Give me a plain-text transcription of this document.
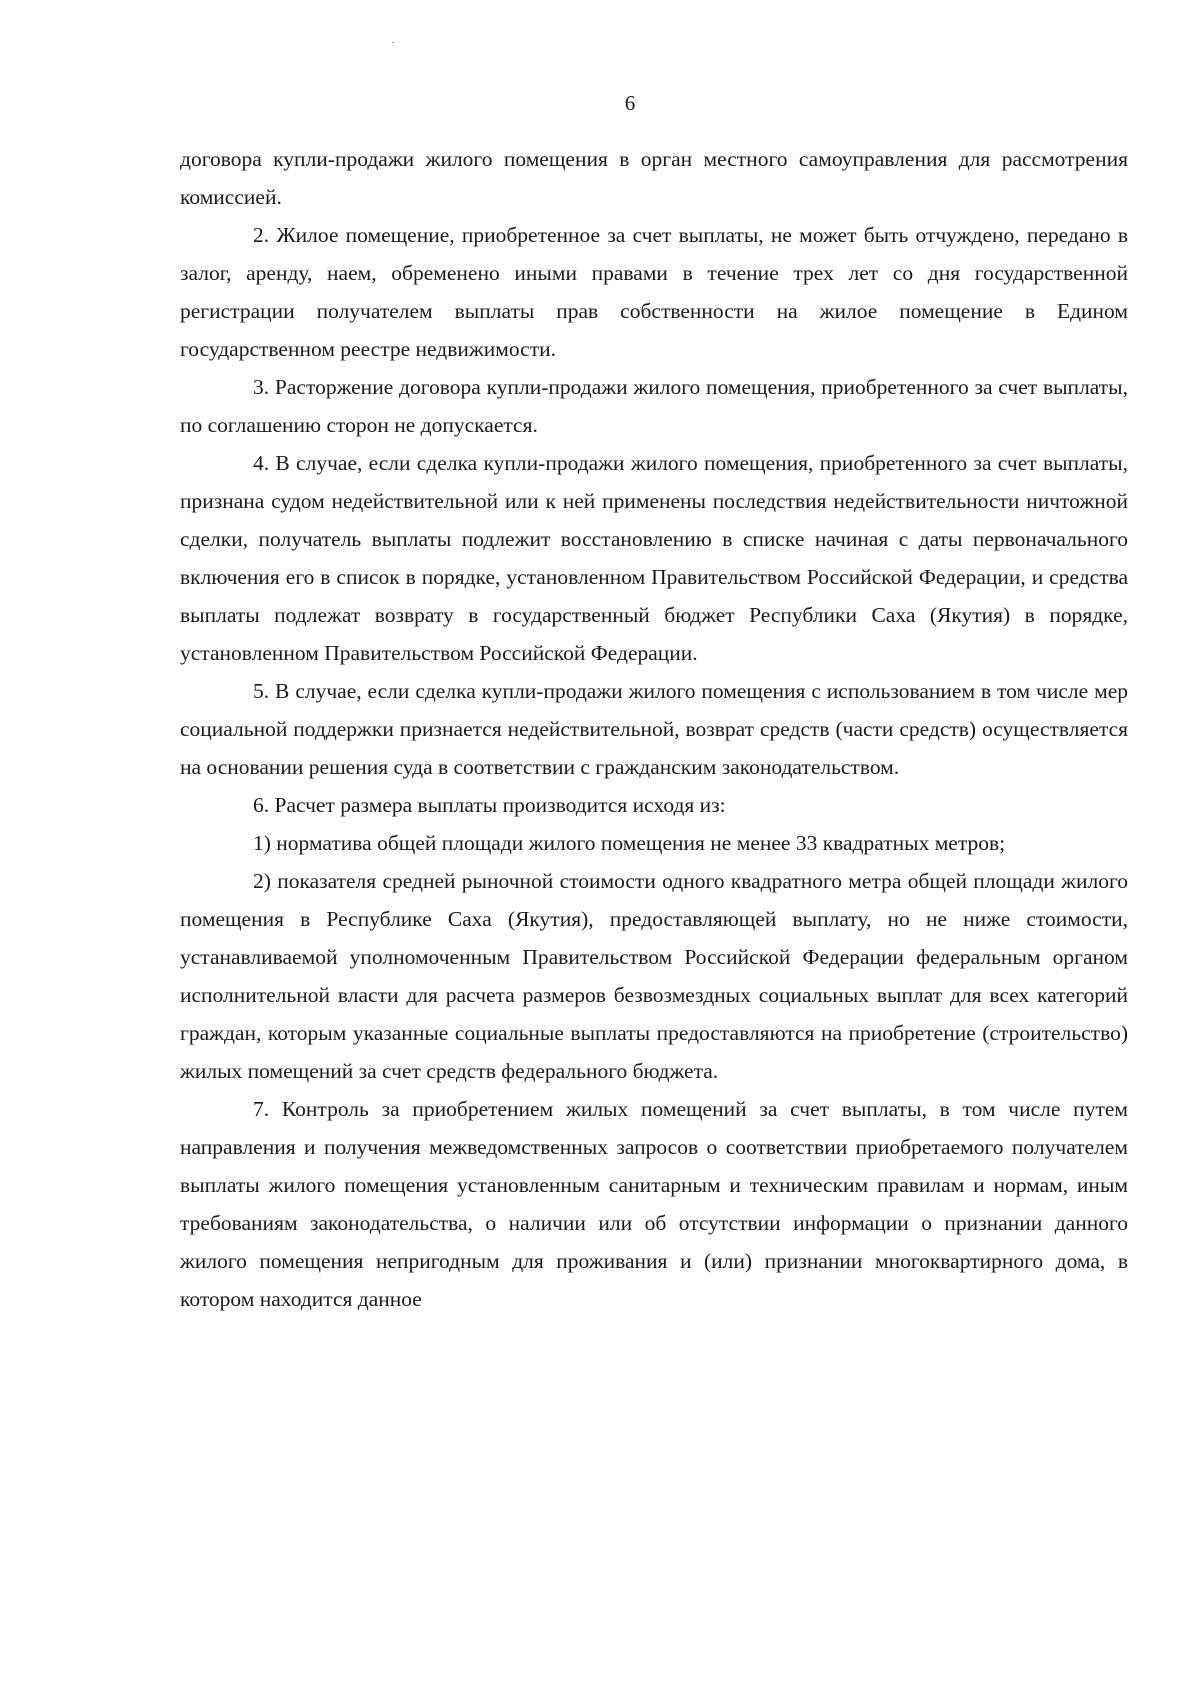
6

договора купли-продажи жилого помещения в орган местного самоуправления для рассмотрения комиссией.

2. Жилое помещение, приобретенное за счет выплаты, не может быть отчуждено, передано в залог, аренду, наем, обременено иными правами в течение трех лет со дня государственной регистрации получателем выплаты прав собственности на жилое помещение в Едином государственном реестре недвижимости.

3. Расторжение договора купли-продажи жилого помещения, приобретенного за счет выплаты, по соглашению сторон не допускается.

4. В случае, если сделка купли-продажи жилого помещения, приобретенного за счет выплаты, признана судом недействительной или к ней применены последствия недействительности ничтожной сделки, получатель выплаты подлежит восстановлению в списке начиная с даты первоначального включения его в список в порядке, установленном Правительством Российской Федерации, и средства выплаты подлежат возврату в государственный бюджет Республики Саха (Якутия) в порядке, установленном Правительством Российской Федерации.

5. В случае, если сделка купли-продажи жилого помещения с использованием в том числе мер социальной поддержки признается недействительной, возврат средств (части средств) осуществляется на основании решения суда в соответствии с гражданским законодательством.

6. Расчет размера выплаты производится исходя из:

1) норматива общей площади жилого помещения не менее 33 квадратных метров;

2) показателя средней рыночной стоимости одного квадратного метра общей площади жилого помещения в Республике Саха (Якутия), предоставляющей выплату, но не ниже стоимости, устанавливаемой уполномоченным Правительством Российской Федерации федеральным органом исполнительной власти для расчета размеров безвозмездных социальных выплат для всех категорий граждан, которым указанные социальные выплаты предоставляются на приобретение (строительство) жилых помещений за счет средств федерального бюджета.

7. Контроль за приобретением жилых помещений за счет выплаты, в том числе путем направления и получения межведомственных запросов о соответствии приобретаемого получателем выплаты жилого помещения установленным санитарным и техническим правилам и нормам, иным требованиям законодательства, о наличии или об отсутствии информации о признании данного жилого помещения непригодным для проживания и (или) признании многоквартирного дома, в котором находится данное
